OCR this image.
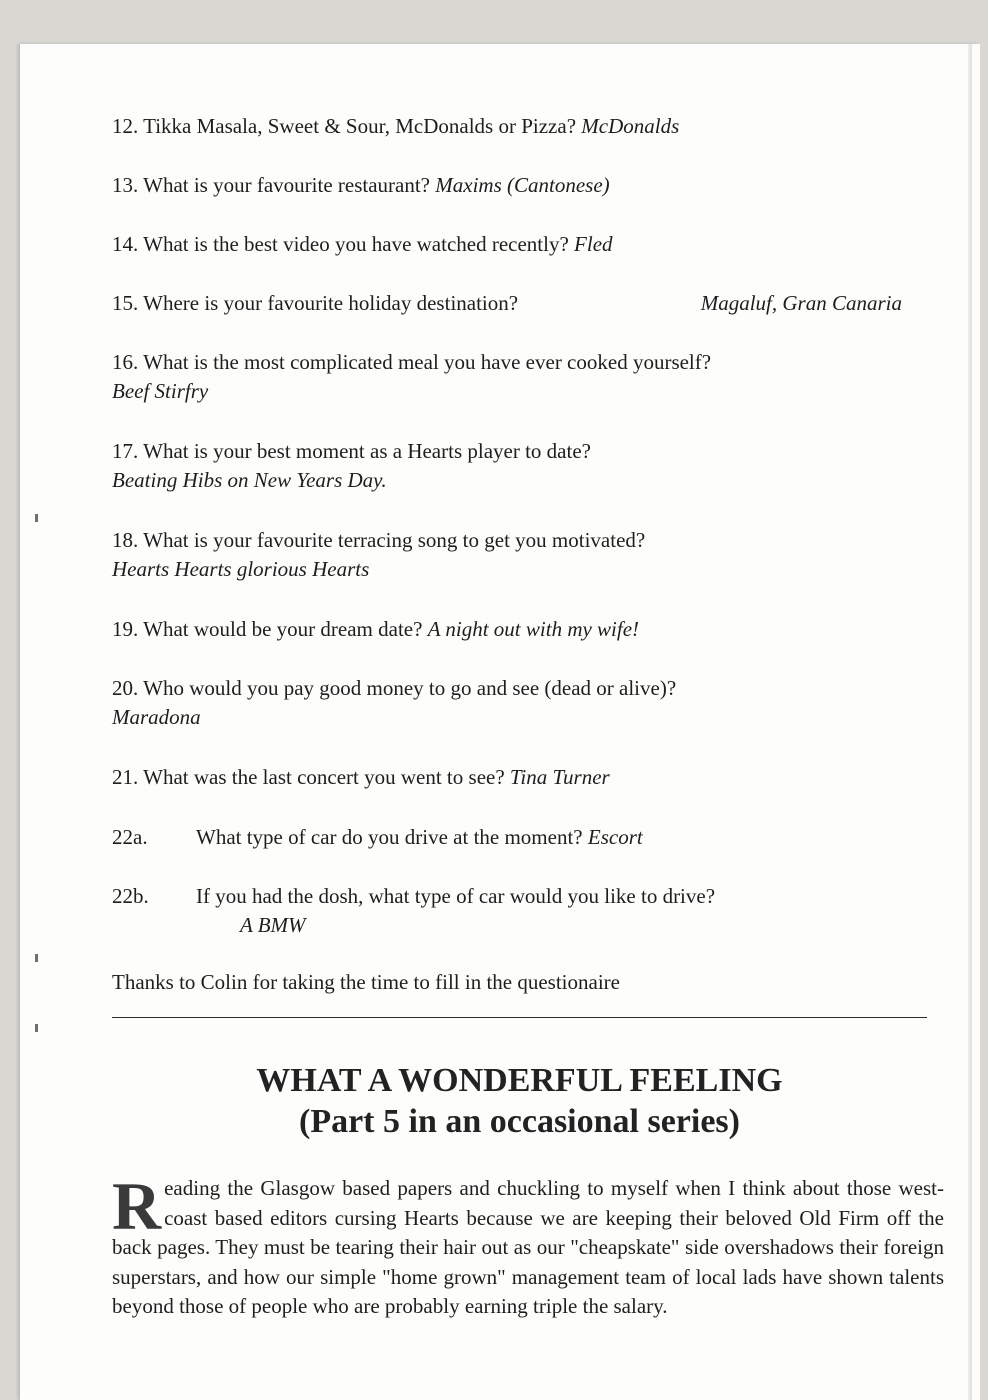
12. Tikka Masala, Sweet & Sour, McDonalds or Pizza? McDonalds
13. What is your favourite restaurant? Maxims (Cantonese)
14. What is the best video you have watched recently? Fled
15. Where is your favourite holiday destination?	Magaluf, Gran Canaria
16. What is the most complicated meal you have ever cooked yourself?
Beef Stirfry
17. What is your best moment as a Hearts player to date?
Beating Hibs on New Years Day.
18. What is your favourite terracing song to get you motivated?
Hearts Hearts glorious Hearts
19. What would be your dream date? A night out with my wife!
20. Who would you pay good money to go and see (dead or alive)?
Maradona
21. What was the last concert you went to see? Tina Turner
22a. What type of car do you drive at the moment? Escort
22b. If you had the dosh, what type of car would you like to drive?
A BMW
Thanks to Colin for taking the time to fill in the questionaire
WHAT A WONDERFUL FEELING
(Part 5 in an occasional series)
Reading the Glasgow based papers and chuckling to myself when I think about those west-coast based editors cursing Hearts because we are keeping their beloved Old Firm off the back pages. They must be tearing their hair out as our "cheapskate" side overshadows their foreign superstars, and how our simple "home grown" management team of local lads have shown talents beyond those of people who are probably earning triple the salary.
